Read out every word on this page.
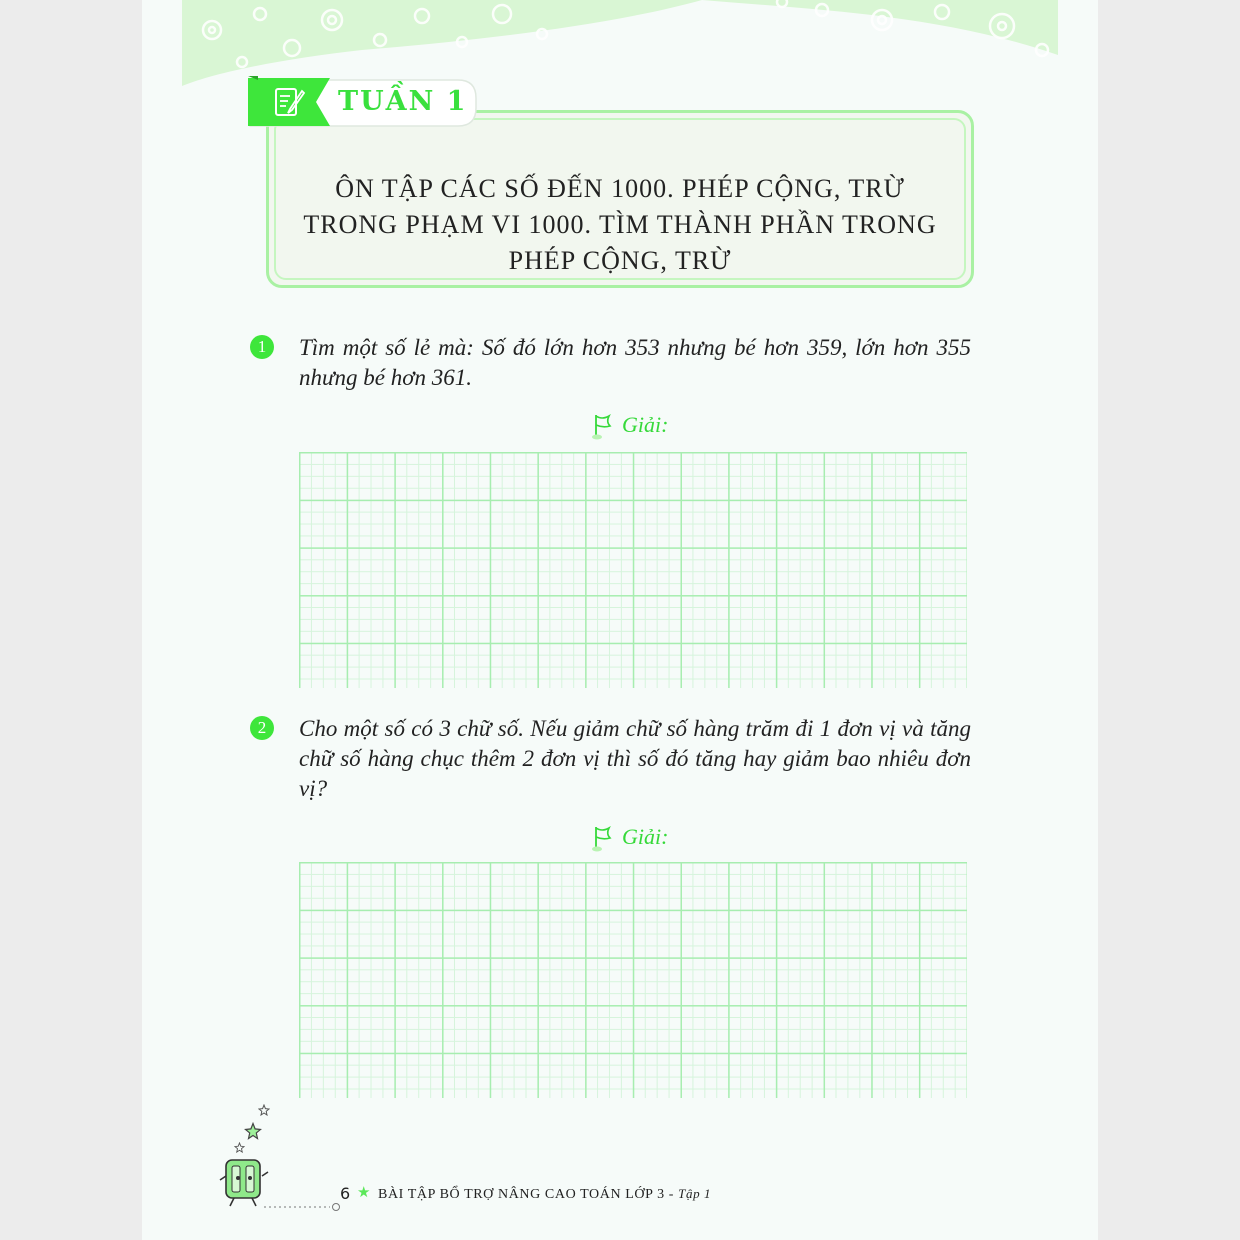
ÔN TẬP CÁC SỐ ĐẾN 1000. PHÉP CỘNG, TRỪ TRONG PHẠM VI 1000. TÌM THÀNH PHẦN TRONG PHÉP CỘNG, TRỪ
TUẦN 1
1	Tìm một số lẻ mà: Số đó lớn hơn 353 nhưng bé hơn 359, lớn hơn 355 nhưng bé hơn 361.
Giải:
2	Cho một số có 3 chữ số. Nếu giảm chữ số hàng trăm đi 1 đơn vị và tăng chữ số hàng chục thêm 2 đơn vị thì số đó tăng hay giảm bao nhiêu đơn vị?
Giải:
6 ★ BÀI TẬP BỔ TRỢ NÂNG CAO TOÁN LỚP 3 - Tập 1
